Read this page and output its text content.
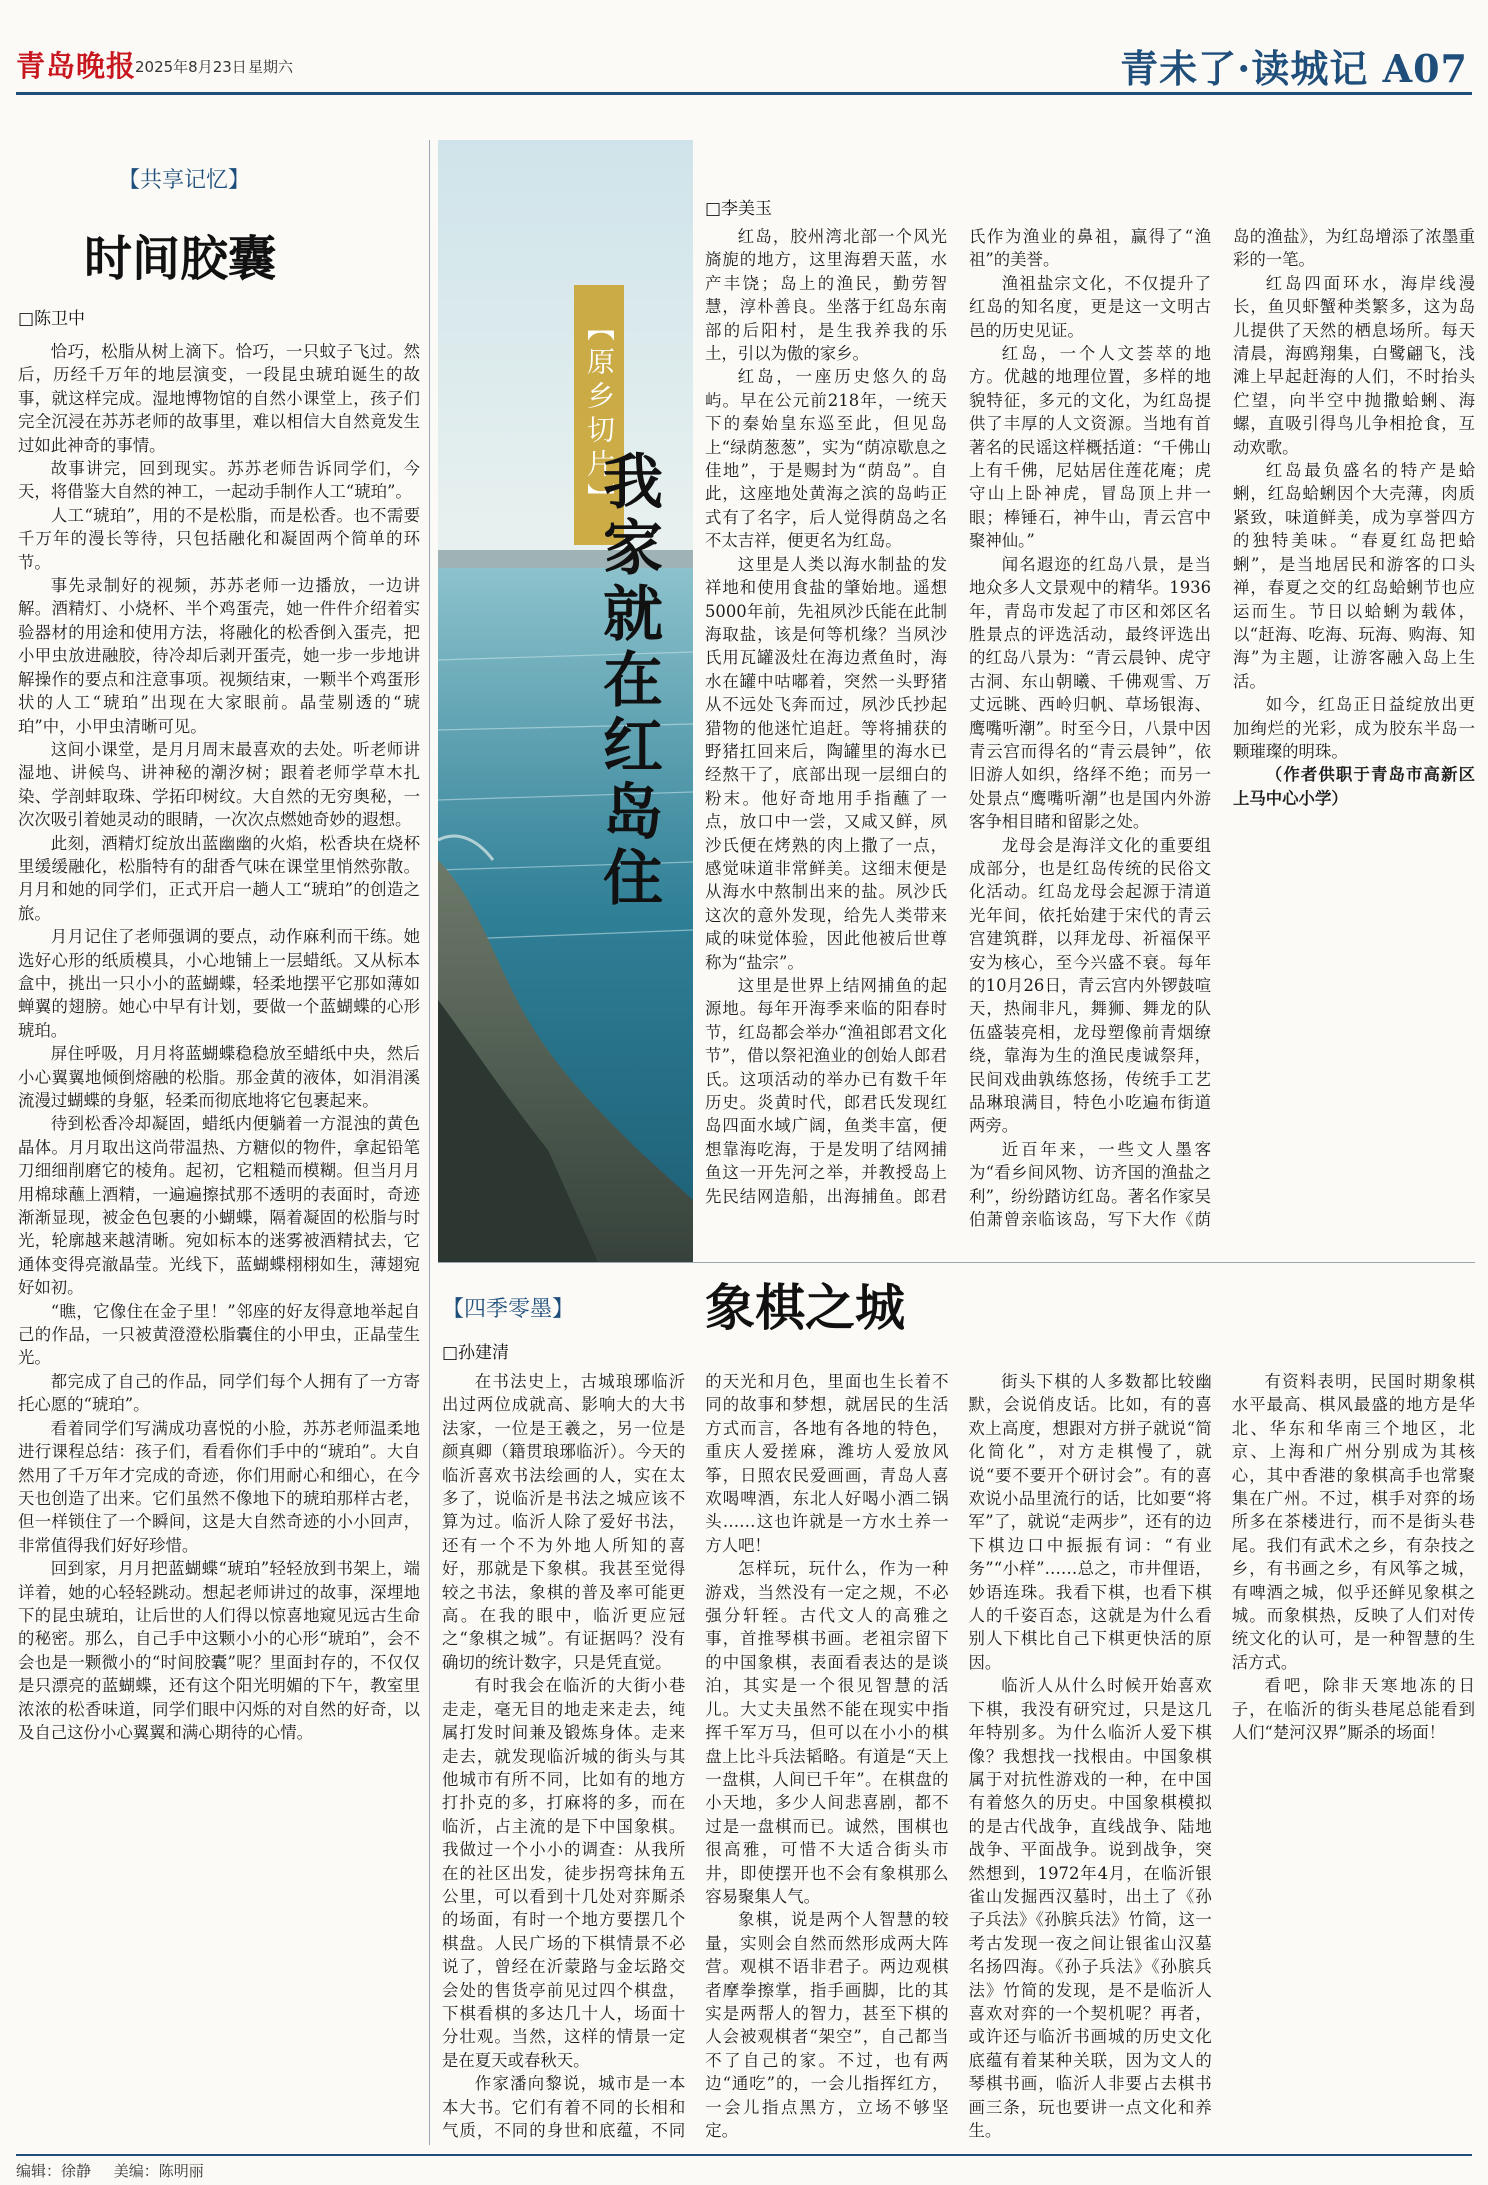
青岛晚报
2025年8月23日 星期六	青未了·读城记 A07
【共享记忆】
时间胶囊
□陈卫中

恰巧，松脂从树上滴下。恰巧，一只蚊子飞过。然后，历经千万年的地层演变，一段昆虫琥珀诞生的故事，就这样完成。湿地博物馆的自然小课堂上，孩子们完全沉浸在苏苏老师的故事里，难以相信大自然竟发生过如此神奇的事情。

故事讲完，回到现实。苏苏老师告诉同学们，今天，将借鉴大自然的神工，一起动手制作人工“琥珀”。

人工“琥珀”，用的不是松脂，而是松香。也不需要千万年的漫长等待，只包括融化和凝固两个简单的环节。

事先录制好的视频，苏苏老师一边播放，一边讲解。酒精灯、小烧杯、半个鸡蛋壳，她一件件介绍着实验器材的用途和使用方法，将融化的松香倒入蛋壳，把小甲虫放进融胶，待冷却后剥开蛋壳，她一步一步地讲解操作的要点和注意事项。视频结束，一颗半个鸡蛋形状的人工“琥珀”出现在大家眼前。晶莹剔透的“琥珀”中，小甲虫清晰可见。

这间小课堂，是月月周末最喜欢的去处。听老师讲湿地、讲候鸟、讲神秘的潮汐树；跟着老师学草木扎染、学剖蚌取珠、学拓印树纹。大自然的无穷奥秘，一次次吸引着她灵动的眼睛，一次次点燃她奇妙的遐想。

此刻，酒精灯绽放出蓝幽幽的火焰，松香块在烧杯里缓缓融化，松脂特有的甜香气味在课堂里悄然弥散。月月和她的同学们，正式开启一趟人工“琥珀”的创造之旅。

月月记住了老师强调的要点，动作麻利而干练。她选好心形的纸质模具，小心地铺上一层蜡纸。又从标本盒中，挑出一只小小的蓝蝴蝶，轻柔地摆平它那如薄如蝉翼的翅膀。她心中早有计划，要做一个蓝蝴蝶的心形琥珀。

屏住呼吸，月月将蓝蝴蝶稳稳放至蜡纸中央，然后小心翼翼地倾倒熔融的松脂。那金黄的液体，如涓涓溪流漫过蝴蝶的身躯，轻柔而彻底地将它包裹起来。

待到松香冷却凝固，蜡纸内便躺着一方混浊的黄色晶体。月月取出这尚带温热、方糖似的物件，拿起铅笔刀细细削磨它的棱角。起初，它粗糙而模糊。但当月月用棉球蘸上酒精，一遍遍擦拭那不透明的表面时，奇迹渐渐显现，被金色包裹的小蝴蝶，隔着凝固的松脂与时光，轮廓越来越清晰。宛如标本的迷雾被酒精拭去，它通体变得亮澈晶莹。光线下，蓝蝴蝶栩栩如生，薄翅宛好如初。

“瞧，它像住在金子里！”邻座的好友得意地举起自己的作品，一只被黄澄澄松脂囊住的小甲虫，正晶莹生光。

都完成了自己的作品，同学们每个人拥有了一方寄托心愿的“琥珀”。

看着同学们写满成功喜悦的小脸，苏苏老师温柔地进行课程总结：孩子们，看看你们手中的“琥珀”。大自然用了千万年才完成的奇迹，你们用耐心和细心，在今天也创造了出来。它们虽然不像地下的琥珀那样古老，但一样锁住了一个瞬间，这是大自然奇迹的小小回声，非常值得我们好好珍惜。

回到家，月月把蓝蝴蝶“琥珀”轻轻放到书架上，端详着，她的心轻轻跳动。想起老师讲过的故事，深埋地下的昆虫琥珀，让后世的人们得以惊喜地窥见远古生命的秘密。那么，自己手中这颗小小的心形“琥珀”，会不会也是一颗微小的“时间胶囊”呢？里面封存的，不仅仅是只漂亮的蓝蝴蝶，还有这个阳光明媚的下午，教室里浓浓的松香味道，同学们眼中闪烁的对自然的好奇，以及自己这份小心翼翼和满心期待的心情。

【原乡切片】
我家就在红岛住
□李美玉

红岛，胶州湾北部一个风光旖旎的地方，这里海碧天蓝，水产丰饶；岛上的渔民，勤劳智慧，淳朴善良。坐落于红岛东南部的后阳村，是生我养我的乐土，引以为傲的家乡。

红岛，一座历史悠久的岛屿。早在公元前218年，一统天下的秦始皇东巡至此，但见岛上“绿荫葱葱”，实为“荫凉歇息之佳地”，于是赐封为“荫岛”。自此，这座地处黄海之滨的岛屿正式有了名字，后人觉得荫岛之名不太吉祥，便更名为红岛。

这里是人类以海水制盐的发祥地和使用食盐的肇始地。遥想5000年前，先祖夙沙氏能在此制海取盐，该是何等机缘？当夙沙氏用瓦罐汲灶在海边煮鱼时，海水在罐中咕嘟着，突然一头野猪从不远处飞奔而过，夙沙氏抄起猎物的他迷忙追赶。等将捕获的野猪扛回来后，陶罐里的海水已经熬干了，底部出现一层细白的粉末。他好奇地用手指蘸了一点，放口中一尝，又咸又鲜，夙沙氏便在烤熟的肉上撒了一点，感觉味道非常鲜美。这细末便是从海水中熬制出来的盐。夙沙氏这次的意外发现，给先人类带来咸的味觉体验，因此他被后世尊称为“盐宗”。

这里是世界上结网捕鱼的起源地。每年开海季来临的阳春时节，红岛都会举办“渔祖郎君文化节”，借以祭祀渔业的创始人郎君氏。这项活动的举办已有数千年历史。炎黄时代，郎君氏发现红岛四面水域广阔，鱼类丰富，便想靠海吃海，于是发明了结网捕鱼这一开先河之举，并教授岛上先民结网造船，出海捕鱼。郎君氏作为渔业的鼻祖，赢得了“渔祖”的美誉。

渔祖盐宗文化，不仅提升了红岛的知名度，更是这一文明古邑的历史见证。

红岛，一个人文荟萃的地方。优越的地理位置，多样的地貌特征，多元的文化，为红岛提供了丰厚的人文资源。当地有首著名的民谣这样概括道：“千佛山上有千佛，尼姑居住莲花庵；虎守山上卧神虎，冒岛顶上井一眼；棒锤石，神牛山，青云宫中聚神仙。”

闻名遐迩的红岛八景，是当地众多人文景观中的精华。1936年，青岛市发起了市区和郊区名胜景点的评选活动，最终评选出的红岛八景为：“青云晨钟、虎守古洞、东山朝曦、千佛观雪、万丈远眺、西岭归帆、草场银海、鹰嘴听潮”。时至今日，八景中因青云宫而得名的“青云晨钟”，依旧游人如织，络绎不绝；而另一处景点“鹰嘴听潮”也是国内外游客争相目睹和留影之处。

龙母会是海洋文化的重要组成部分，也是红岛传统的民俗文化活动。红岛龙母会起源于清道光年间，依托始建于宋代的青云宫建筑群，以拜龙母、祈福保平安为核心，至今兴盛不衰。每年的10月26日，青云宫内外锣鼓喧天，热闹非凡，舞狮、舞龙的队伍盛装亮相，龙母塑像前青烟缭绕，靠海为生的渔民虔诚祭拜，民间戏曲孰练悠扬，传统手工艺品琳琅满目，特色小吃遍布街道两旁。

近百年来，一些文人墨客为“看乡间风物、访齐国的渔盐之利”，纷纷踏访红岛。著名作家吴伯萧曾亲临该岛，写下大作《荫岛的渔盐》，为红岛增添了浓墨重彩的一笔。

红岛四面环水，海岸线漫长，鱼贝虾蟹种类繁多，这为岛儿提供了天然的栖息场所。每天清晨，海鸥翔集，白鹭翩飞，浅滩上早起赶海的人们，不时抬头伫望，向半空中抛撒蛤蜊、海螺，直吸引得鸟儿争相抢食，互动欢歌。

红岛最负盛名的特产是蛤蜊，红岛蛤蜊因个大壳薄，肉质紧致，味道鲜美，成为享誉四方的独特美味。“春夏红岛把蛤蜊”，是当地居民和游客的口头禅，春夏之交的红岛蛤蜊节也应运而生。节日以蛤蜊为载体，以“赶海、吃海、玩海、购海、知海”为主题，让游客融入岛上生活。

如今，红岛正日益绽放出更加绚烂的光彩，成为胶东半岛一颗璀璨的明珠。

（作者供职于青岛市高新区上马中心小学）

【四季零墨】	象棋之城
□孙建清

在书法史上，古城琅琊临沂出过两位成就高、影响大的大书法家，一位是王羲之，另一位是颜真卿（籍贯琅琊临沂）。今天的临沂喜欢书法绘画的人，实在太多了，说临沂是书法之城应该不算为过。临沂人除了爱好书法，还有一个不为外地人所知的喜好，那就是下象棋。我甚至觉得较之书法，象棋的普及率可能更高。在我的眼中，临沂更应冠之“象棋之城”。有证据吗？没有确切的统计数字，只是凭直觉。

有时我会在临沂的大街小巷走走，毫无目的地走来走去，纯属打发时间兼及锻炼身体。走来走去，就发现临沂城的街头与其他城市有所不同，比如有的地方打扑克的多，打麻将的多，而在临沂，占主流的是下中国象棋。我做过一个小小的调查：从我所在的社区出发，徒步拐弯抹角五公里，可以看到十几处对弈厮杀的场面，有时一个地方要摆几个棋盘。人民广场的下棋情景不必说了，曾经在沂蒙路与金坛路交会处的售货亭前见过四个棋盘，下棋看棋的多达几十人，场面十分壮观。当然，这样的情景一定是在夏天或春秋天。

作家潘向黎说，城市是一本本大书。它们有着不同的长相和气质，不同的身世和底蕴，不同的天光和月色，里面也生长着不同的故事和梦想，就居民的生活方式而言，各地有各地的特色，重庆人爱搓麻，潍坊人爱放风筝，日照农民爱画画，青岛人喜欢喝啤酒，东北人好喝小酒二锅头……这也许就是一方水土养一方人吧！

怎样玩，玩什么，作为一种游戏，当然没有一定之规，不必强分轩轾。古代文人的高雅之事，首推琴棋书画。老祖宗留下的中国象棋，表面看表达的是谈泊，其实是一个很见智慧的活儿。大丈夫虽然不能在现实中指挥千军万马，但可以在小小的棋盘上比斗兵法韬略。有道是“天上一盘棋，人间已千年”。在棋盘的小天地，多少人间悲喜剧，都不过是一盘棋而已。诚然，围棋也很高雅，可惜不大适合街头市井，即使摆开也不会有象棋那么容易聚集人气。

象棋，说是两个人智慧的较量，实则会自然而然形成两大阵营。观棋不语非君子。两边观棋者摩拳擦掌，指手画脚，比的其实是两帮人的智力，甚至下棋的人会被观棋者“架空”，自己都当不了自己的家。不过，也有两边“通吃”的，一会儿指挥红方，一会儿指点黑方，立场不够坚定。

街头下棋的人多数都比较幽默，会说俏皮话。比如，有的喜欢上高度，想跟对方拼子就说“简化简化”，对方走棋慢了，就说“要不要开个研讨会”。有的喜欢说小品里流行的话，比如要“将军”了，就说“走两步”，还有的边下棋边口中振振有词：“有业务”“小样”……总之，市井俚语，妙语连珠。我看下棋，也看下棋人的千姿百态，这就是为什么看别人下棋比自己下棋更快活的原因。

临沂人从什么时候开始喜欢下棋，我没有研究过，只是这几年特别多。为什么临沂人爱下棋像？我想找一找根由。中国象棋属于对抗性游戏的一种，在中国有着悠久的历史。中国象棋模拟的是古代战争，直线战争、陆地战争、平面战争。说到战争，突然想到，1972年4月，在临沂银雀山发掘西汉墓时，出土了《孙子兵法》《孙膑兵法》竹简，这一考古发现一夜之间让银雀山汉墓名扬四海。《孙子兵法》《孙膑兵法》竹简的发现，是不是临沂人喜欢对弈的一个契机呢？再者，或许还与临沂书画城的历史文化底蕴有着某种关联，因为文人的琴棋书画，临沂人非要占去棋书画三条，玩也要讲一点文化和养生。

有资料表明，民国时期象棋水平最高、棋风最盛的地方是华北、华东和华南三个地区，北京、上海和广州分别成为其核心，其中香港的象棋高手也常聚集在广州。不过，棋手对弈的场所多在茶楼进行，而不是街头巷尾。我们有武术之乡，有杂技之乡，有书画之乡，有风筝之城，有啤酒之城，似乎还鲜见象棋之城。而象棋热，反映了人们对传统文化的认可，是一种智慧的生活方式。

看吧，除非天寒地冻的日子，在临沂的街头巷尾总能看到人们“楚河汉界”厮杀的场面！

编辑：徐静 美编：陈明丽
